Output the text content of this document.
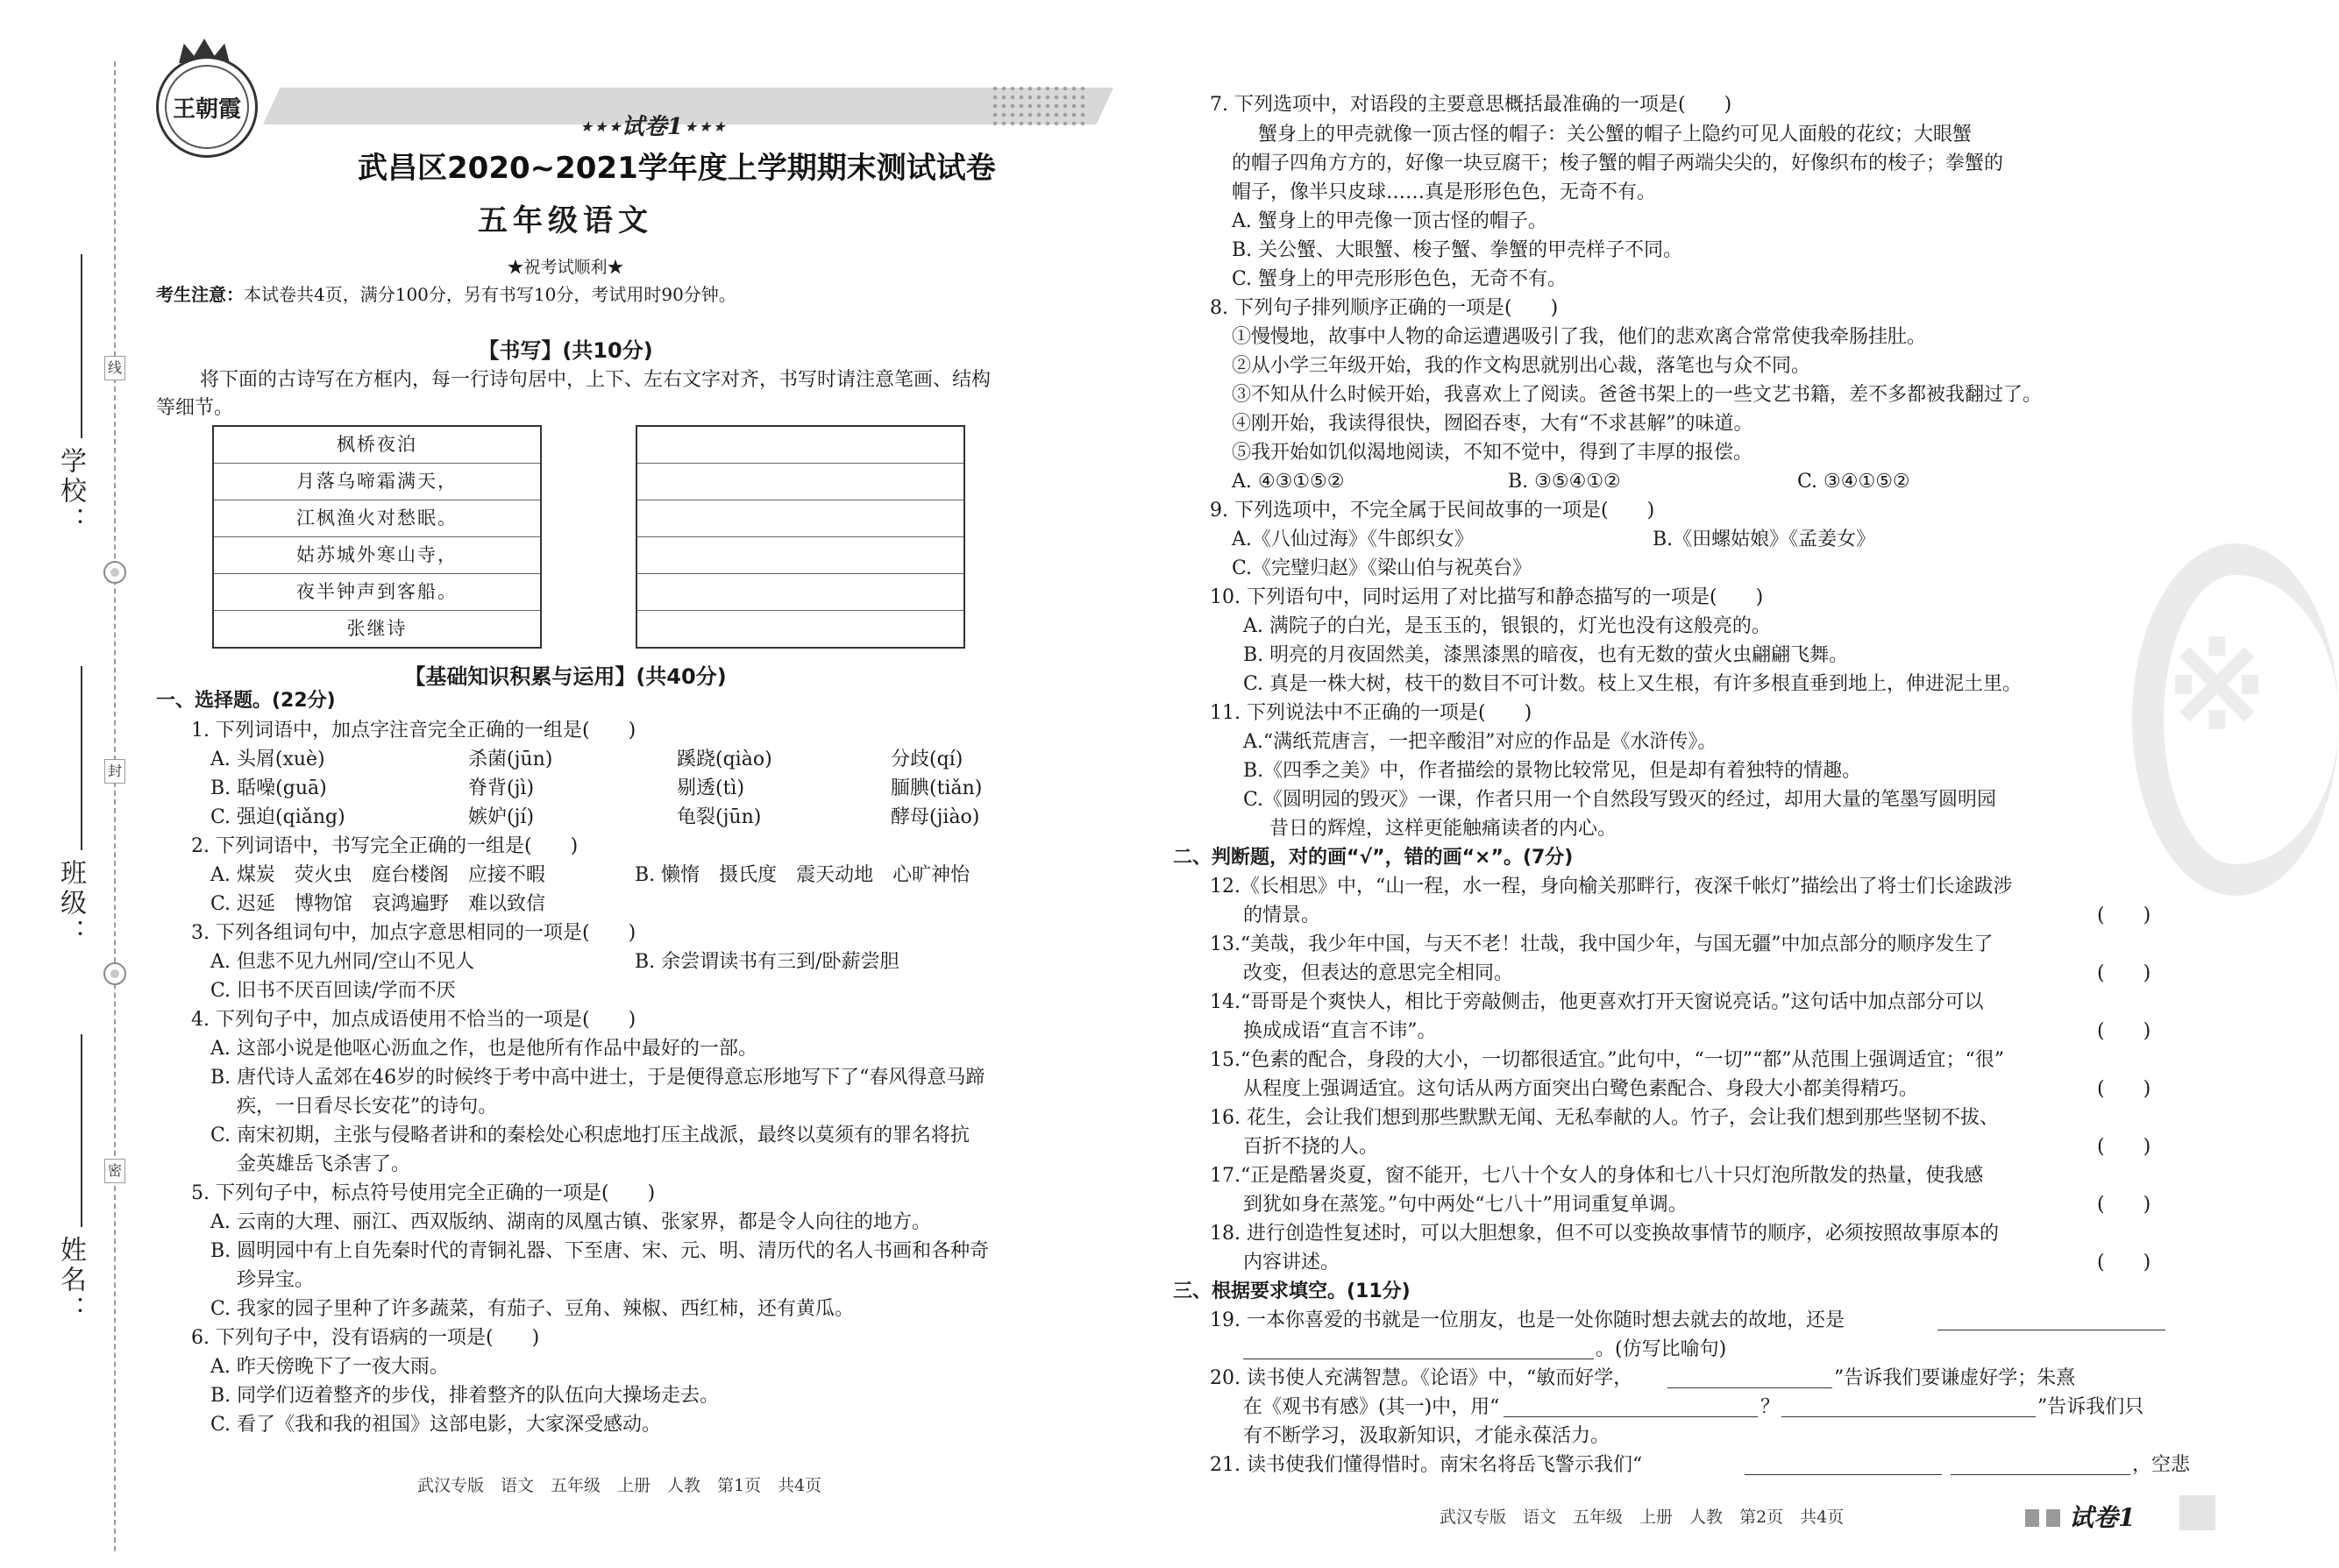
线
封
密
学校：
班级：
姓名：
王朝霞
⋆⋆⋆试卷1⋆⋆⋆
武昌区2020~2021学年度上学期期末测试试卷
五年级语文
★祝考试顺利★
考生注意：本试卷共4页，满分100分，另有书写10分，考试用时90分钟。
【书写】(共10分)
将下面的古诗写在方框内，每一行诗句居中，上下、左右文字对齐，书写时请注意笔画、结构
等细节。
枫桥夜泊
月落乌啼霜满天，
江枫渔火对愁眠。
姑苏城外寒山寺，
夜半钟声到客船。
张继诗
【基础知识积累与运用】(共40分)
一、选择题。(22分)
1. 下列词语中，加点字注音完全正确的一组是(　　)
A. 头屑(xuè)	杀菌(jūn)	蹊跷(qiào)	分歧(qí)
B. 聒噪(guā)	脊背(jì)	剔透(tì)	腼腆(tiǎn)
C. 强迫(qiǎng)	嫉妒(jí)	龟裂(jūn)	酵母(jiào)
2. 下列词语中，书写完全正确的一组是(　　)
A. 煤炭　荧火虫　庭台楼阁　应接不暇	B. 懒惰　摄氏度　震天动地　心旷神怡
C. 迟延　博物馆　哀鸿遍野　难以致信
3. 下列各组词句中，加点字意思相同的一项是(　　)
A. 但悲不见九州同/空山不见人	B. 余尝谓读书有三到/卧薪尝胆
C. 旧书不厌百回读/学而不厌
4. 下列句子中，加点成语使用不恰当的一项是(　　)
A. 这部小说是他呕心沥血之作，也是他所有作品中最好的一部。
B. 唐代诗人孟郊在46岁的时候终于考中高中进士，于是便得意忘形地写下了“春风得意马蹄
疾，一日看尽长安花”的诗句。
C. 南宋初期，主张与侵略者讲和的秦桧处心积虑地打压主战派，最终以莫须有的罪名将抗
金英雄岳飞杀害了。
5. 下列句子中，标点符号使用完全正确的一项是(　　)
A. 云南的大理、丽江、西双版纳、湖南的凤凰古镇、张家界，都是令人向往的地方。
B. 圆明园中有上自先秦时代的青铜礼器、下至唐、宋、元、明、清历代的名人书画和各种奇
珍异宝。
C. 我家的园子里种了许多蔬菜，有茄子、豆角、辣椒、西红柿，还有黄瓜。
6. 下列句子中，没有语病的一项是(　　)
A. 昨天傍晚下了一夜大雨。
B. 同学们迈着整齐的步伐，排着整齐的队伍向大操场走去。
C. 看了《我和我的祖国》这部电影，大家深受感动。
武汉专版　语文　五年级　上册　人教　第1页　共4页
※
7. 下列选项中，对语段的主要意思概括最准确的一项是(　　)
蟹身上的甲壳就像一顶古怪的帽子：关公蟹的帽子上隐约可见人面般的花纹；大眼蟹
的帽子四角方方的，好像一块豆腐干；梭子蟹的帽子两端尖尖的，好像织布的梭子；拳蟹的
帽子，像半只皮球……真是形形色色，无奇不有。
A. 蟹身上的甲壳像一顶古怪的帽子。
B. 关公蟹、大眼蟹、梭子蟹、拳蟹的甲壳样子不同。
C. 蟹身上的甲壳形形色色，无奇不有。
8. 下列句子排列顺序正确的一项是(　　)
①慢慢地，故事中人物的命运遭遇吸引了我，他们的悲欢离合常常使我牵肠挂肚。
②从小学三年级开始，我的作文构思就别出心裁，落笔也与众不同。
③不知从什么时候开始，我喜欢上了阅读。爸爸书架上的一些文艺书籍，差不多都被我翻过了。
④刚开始，我读得很快，囫囵吞枣，大有“不求甚解”的味道。
⑤我开始如饥似渴地阅读，不知不觉中，得到了丰厚的报偿。
A. ④③①⑤②	B. ③⑤④①②	C. ③④①⑤②
9. 下列选项中，不完全属于民间故事的一项是(　　)
A.《八仙过海》《牛郎织女》	B.《田螺姑娘》《孟姜女》
C.《完璧归赵》《梁山伯与祝英台》
10. 下列语句中，同时运用了对比描写和静态描写的一项是(　　)
A. 满院子的白光，是玉玉的，银银的，灯光也没有这般亮的。
B. 明亮的月夜固然美，漆黑漆黑的暗夜，也有无数的萤火虫翩翩飞舞。
C. 真是一株大树，枝干的数目不可计数。枝上又生根，有许多根直垂到地上，伸进泥土里。
11. 下列说法中不正确的一项是(　　)
A.“满纸荒唐言，一把辛酸泪”对应的作品是《水浒传》。
B.《四季之美》中，作者描绘的景物比较常见，但是却有着独特的情趣。
C.《圆明园的毁灭》一课，作者只用一个自然段写毁灭的经过，却用大量的笔墨写圆明园
昔日的辉煌，这样更能触痛读者的内心。
二、判断题，对的画“√”，错的画“×”。(7分)
12.《长相思》中，“山一程，水一程，身向榆关那畔行，夜深千帐灯”描绘出了将士们长途跋涉
的情景。	(　　)
13.“美哉，我少年中国，与天不老！壮哉，我中国少年，与国无疆”中加点部分的顺序发生了
改变，但表达的意思完全相同。	(　　)
14.“哥哥是个爽快人，相比于旁敲侧击，他更喜欢打开天窗说亮话。”这句话中加点部分可以
换成成语“直言不讳”。	(　　)
15.“色素的配合，身段的大小，一切都很适宜。”此句中，“一切”“都”从范围上强调适宜；“很”
从程度上强调适宜。这句话从两方面突出白鹭色素配合、身段大小都美得精巧。	(　　)
16. 花生，会让我们想到那些默默无闻、无私奉献的人。竹子，会让我们想到那些坚韧不拔、
百折不挠的人。	(　　)
17.“正是酷暑炎夏，窗不能开，七八十个女人的身体和七八十只灯泡所散发的热量，使我感
到犹如身在蒸笼。”句中两处“七八十”用词重复单调。	(　　)
18. 进行创造性复述时，可以大胆想象，但不可以变换故事情节的顺序，必须按照故事原本的
内容讲述。	(　　)
三、根据要求填空。(11分)
19. 一本你喜爱的书就是一位朋友，也是一处你随时想去就去的故地，还是
。(仿写比喻句)
20. 读书使人充满智慧。《论语》中，“敏而好学，	”告诉我们要谦虚好学；朱熹
在《观书有感》(其一)中，用“	？	”告诉我们只
有不断学习，汲取新知识，才能永葆活力。
21. 读书使我们懂得惜时。南宋名将岳飞警示我们“	，空悲
武汉专版　语文　五年级　上册　人教　第2页　共4页	试卷1
